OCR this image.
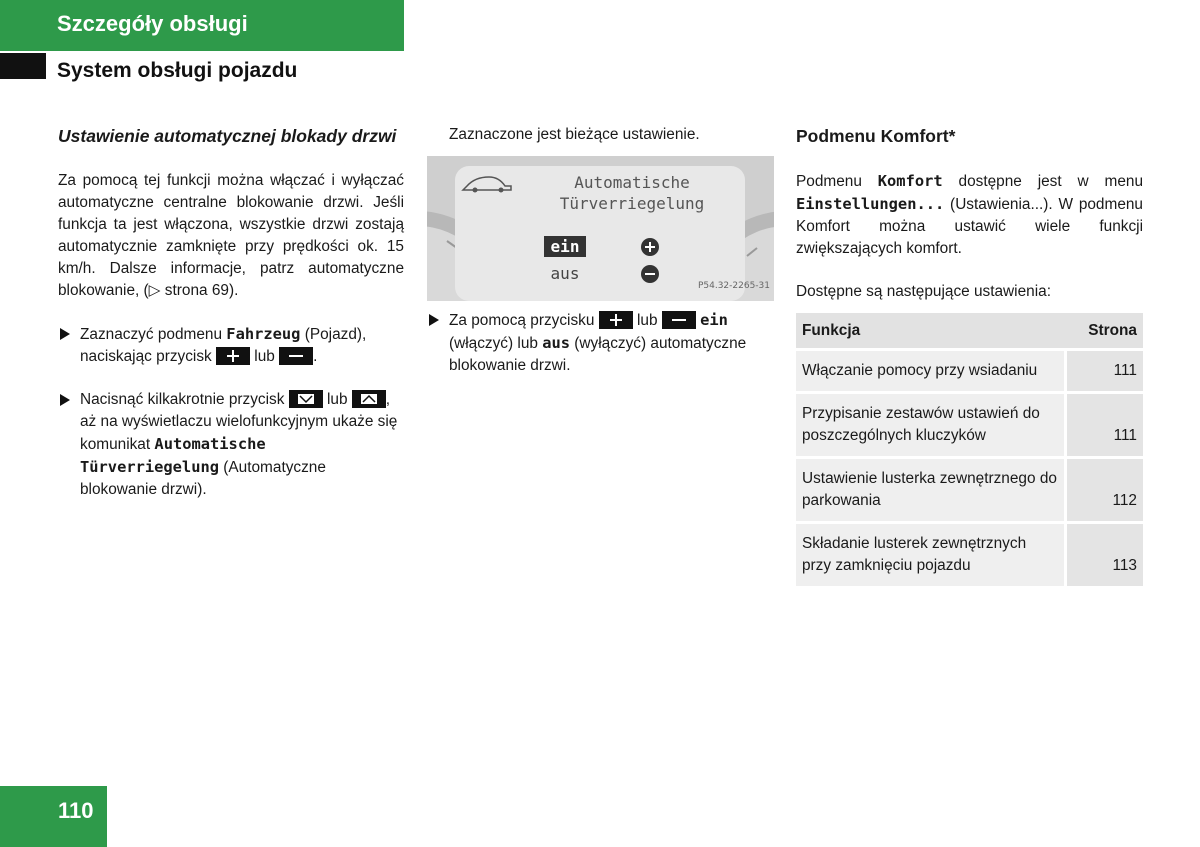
Szczegóły obsługi
System obsługi pojazdu
Ustawienie automatycznej blokady drzwi
Za pomocą tej funkcji można włączać i wyłączać automatyczne centralne blokowanie drzwi. Jeśli funkcja ta jest włączona, wszystkie drzwi zostają automatycznie zamknięte przy prędkości ok. 15 km/h. Dalsze informacje, patrz automatyczne blokowanie, (▷ strona 69).
Zaznaczyć podmenu Fahrzeug (Pojazd), naciskając przycisk
lub
.
Nacisnąć kilkakrotnie przycisk
lub
, aż na wyświetlaczu wielofunkcyjnym ukaże się komunikat Automatische Türverriegelung (Automatyczne blokowanie drzwi).
Zaznaczone jest bieżące ustawienie.
Automatische
Türverriegelung
ein
aus
P54.32-2265-31
Za pomocą przycisku
lub
ein (włączyć) lub aus (wyłączyć) automatyczne blokowanie drzwi.
Podmenu Komfort*
Podmenu Komfort dostępne jest w menu Einstellungen... (Ustawienia...). W podmenu Komfort można ustawić wiele funkcji zwiększających komfort.
Dostępne są następujące ustawienia:
Funkcja	Strona
Włączanie pomocy przy wsiadaniu	111
Przypisanie zestawów ustawień do poszczególnych kluczyków	111
Ustawienie lusterka zewnętrznego do parkowania	112
Składanie lusterek zewnętrznych przy zamknięciu pojazdu	113
110
